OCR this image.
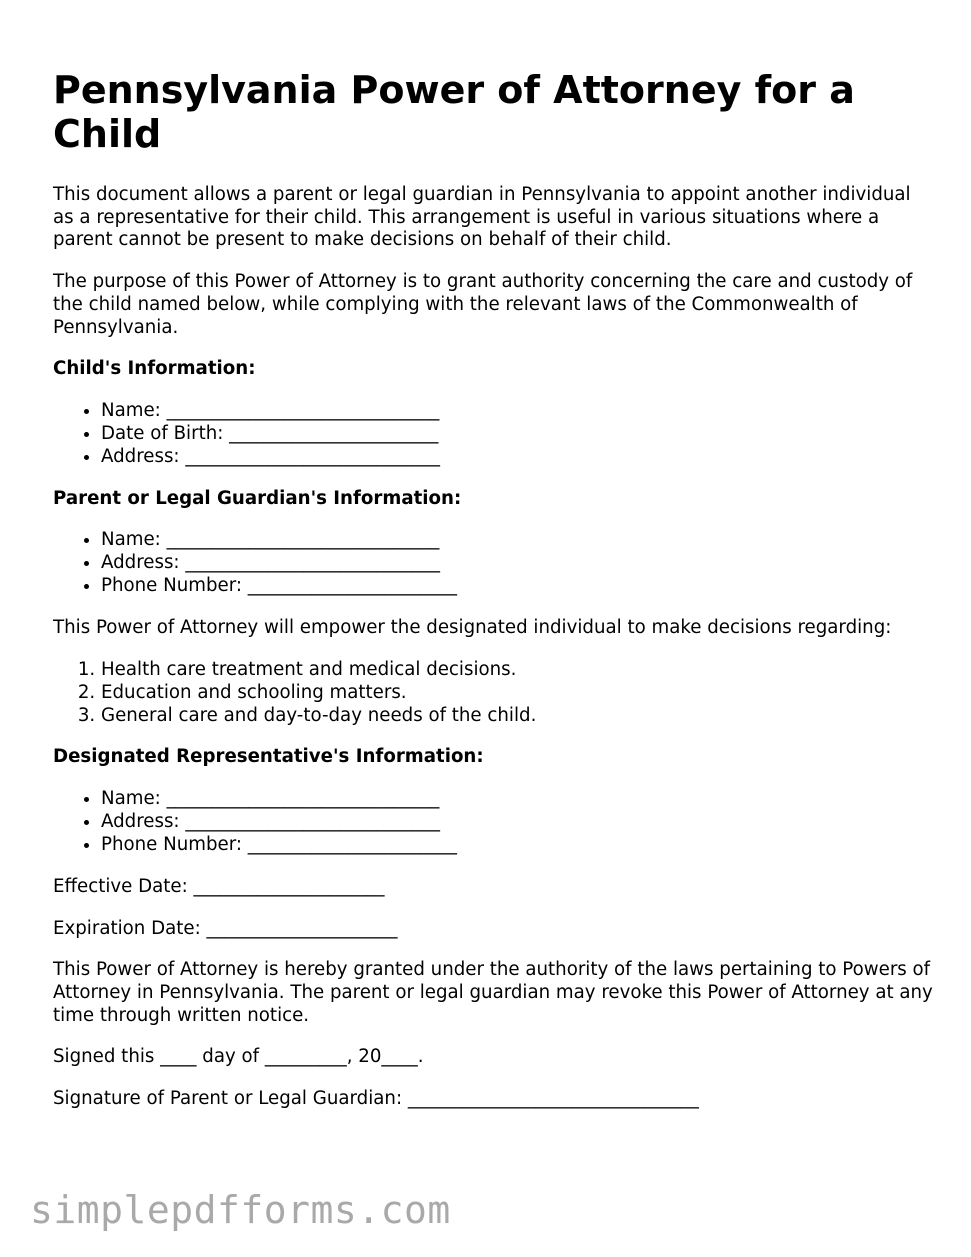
Pennsylvania Power of Attorney for a Child

This document allows a parent or legal guardian in Pennsylvania to appoint another individual as a representative for their child. This arrangement is useful in various situations where a parent cannot be present to make decisions on behalf of their child.

The purpose of this Power of Attorney is to grant authority concerning the care and custody of the child named below, while complying with the relevant laws of the Commonwealth of Pennsylvania.

Child's Information:

• Name: ______________________________
• Date of Birth: _______________________
• Address: ____________________________

Parent or Legal Guardian's Information:

• Name: ______________________________
• Address: ____________________________
• Phone Number: _______________________

This Power of Attorney will empower the designated individual to make decisions regarding:

1. Health care treatment and medical decisions.
2. Education and schooling matters.
3. General care and day-to-day needs of the child.

Designated Representative's Information:

• Name: ______________________________
• Address: ____________________________
• Phone Number: _______________________

Effective Date: _____________________

Expiration Date: _____________________

This Power of Attorney is hereby granted under the authority of the laws pertaining to Powers of Attorney in Pennsylvania. The parent or legal guardian may revoke this Power of Attorney at any time through written notice.

Signed this ____ day of _________, 20____.

Signature of Parent or Legal Guardian: ________________________________

simplepdfforms.com
